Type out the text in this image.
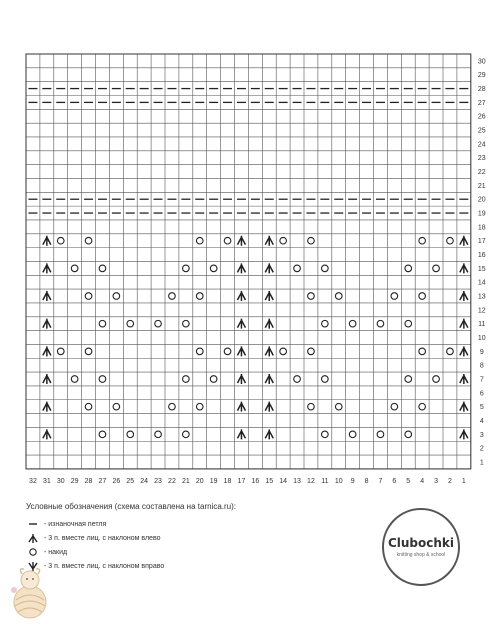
30
29
28
27
26
25
24
23
22
21
20
19
18
17
16
15
14
13
12
11
10
9
8
7
6
5
4
3
2
1
32 31 30 29 28 27 26 25 24 23 22 21 20 19 18 17 16 15 14 13 12 11 10 9 8 7 6 5 4 3 2 1
Условные обозначения (схема составлена на tarnica.ru):
- изнаночная петля
- 3 п. вместе лиц. с наклоном влево
- накид
- 3 п. вместе лиц. с наклоном вправо
Clubochki
knitting shop & school
